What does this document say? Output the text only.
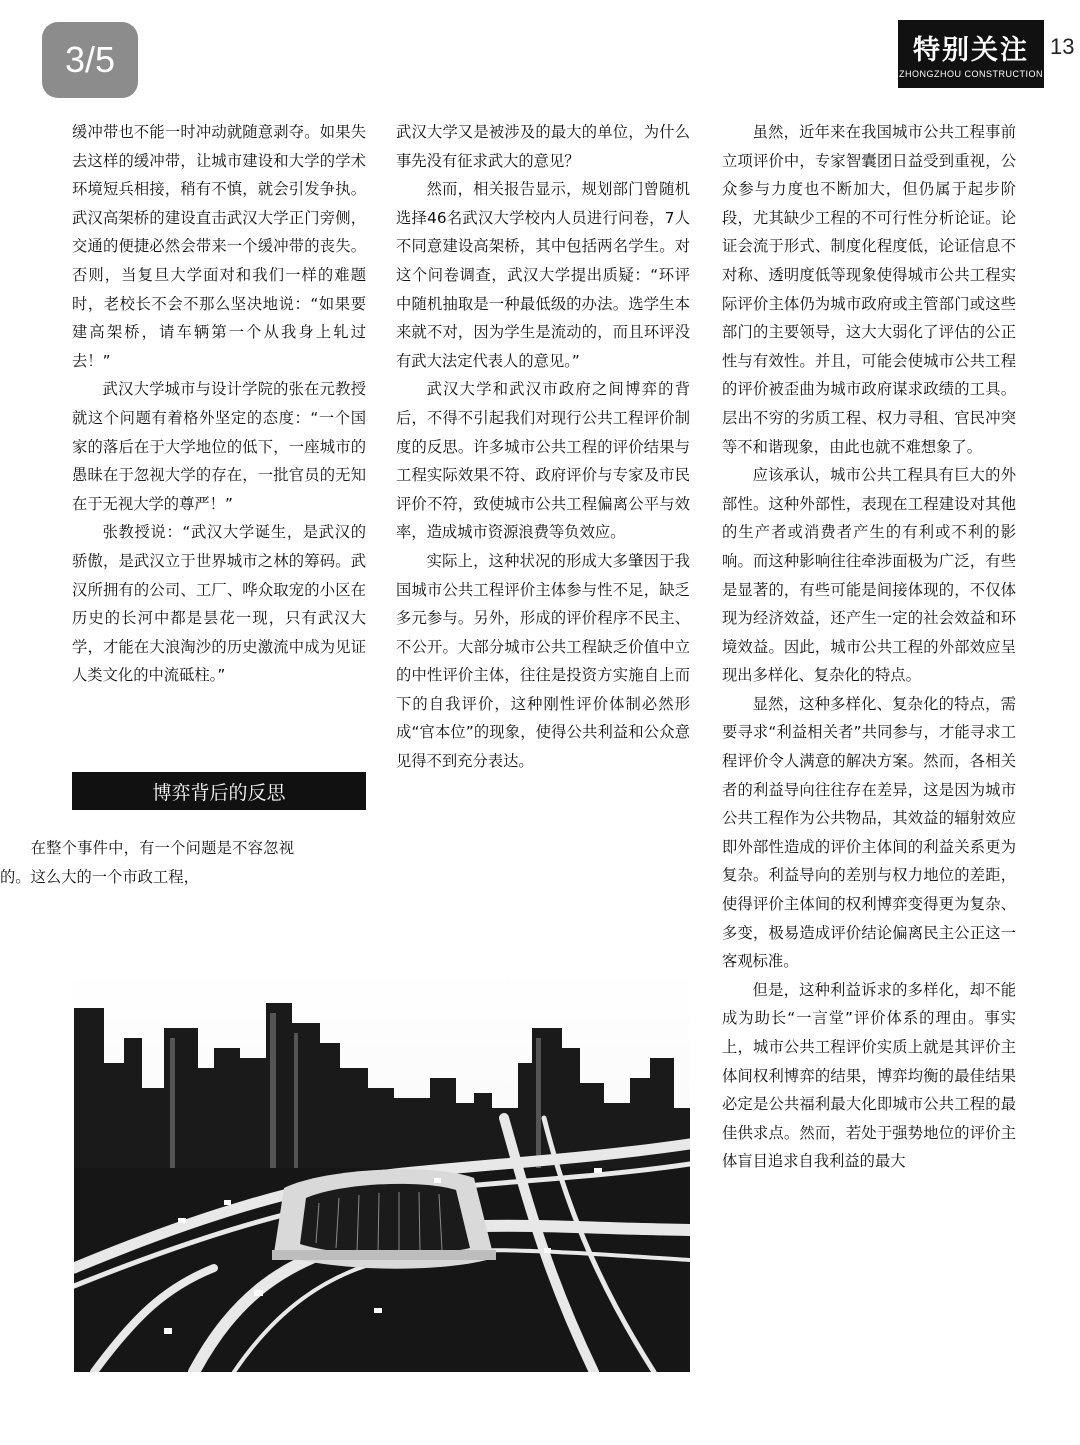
3/5	特别关注
ZHONGZHOU CONSTRUCTION
13

缓冲带也不能一时冲动就随意剥夺。如果失去这样的缓冲带，让城市建设和大学的学术环境短兵相接，稍有不慎，就会引发争执。武汉高架桥的建设直击武汉大学正门旁侧，交通的便捷必然会带来一个缓冲带的丧失。否则，当复旦大学面对和我们一样的难题时，老校长不会不那么坚决地说：“如果要建高架桥，请车辆第一个从我身上轧过去！”

武汉大学城市与设计学院的张在元教授就这个问题有着格外坚定的态度：“一个国家的落后在于大学地位的低下，一座城市的愚昧在于忽视大学的存在，一批官员的无知在于无视大学的尊严！”

张教授说：“武汉大学诞生，是武汉的骄傲，是武汉立于世界城市之林的筹码。武汉所拥有的公司、工厂、哗众取宠的小区在历史的长河中都是昙花一现，只有武汉大学，才能在大浪淘沙的历史激流中成为见证人类文化的中流砥柱。”

博弈背后的反思

在整个事件中，有一个问题是不容忽视的。这么大的一个市政工程，

武汉大学又是被涉及的最大的单位，为什么事先没有征求武大的意见？

然而，相关报告显示，规划部门曾随机选择46名武汉大学校内人员进行问卷，7人不同意建设高架桥，其中包括两名学生。对这个问卷调查，武汉大学提出质疑：“环评中随机抽取是一种最低级的办法。选学生本来就不对，因为学生是流动的，而且环评没有武大法定代表人的意见。”

武汉大学和武汉市政府之间博弈的背后，不得不引起我们对现行公共工程评价制度的反思。许多城市公共工程的评价结果与工程实际效果不符、政府评价与专家及市民评价不符，致使城市公共工程偏离公平与效率，造成城市资源浪费等负效应。

实际上，这种状况的形成大多肇因于我国城市公共工程评价主体参与性不足，缺乏多元参与。另外，形成的评价程序不民主、不公开。大部分城市公共工程缺乏价值中立的中性评价主体，往往是投资方实施自上而下的自我评价，这种刚性评价体制必然形成“官本位”的现象，使得公共利益和公众意见得不到充分表达。

虽然，近年来在我国城市公共工程事前立项评价中，专家智囊团日益受到重视，公众参与力度也不断加大，但仍属于起步阶段，尤其缺少工程的不可行性分析论证。论证会流于形式、制度化程度低，论证信息不对称、透明度低等现象使得城市公共工程实际评价主体仍为城市政府或主管部门或这些部门的主要领导，这大大弱化了评估的公正性与有效性。并且，可能会使城市公共工程的评价被歪曲为城市政府谋求政绩的工具。层出不穷的劣质工程、权力寻租、官民冲突等不和谐现象，由此也就不难想象了。

应该承认，城市公共工程具有巨大的外部性。这种外部性，表现在工程建设对其他的生产者或消费者产生的有利或不利的影响。而这种影响往往牵涉面极为广泛，有些是显著的，有些可能是间接体现的，不仅体现为经济效益，还产生一定的社会效益和环境效益。因此，城市公共工程的外部效应呈现出多样化、复杂化的特点。

显然，这种多样化、复杂化的特点，需要寻求“利益相关者”共同参与，才能寻求工程评价令人满意的解决方案。然而，各相关者的利益导向往往存在差异，这是因为城市公共工程作为公共物品，其效益的辐射效应即外部性造成的评价主体间的利益关系更为复杂。利益导向的差别与权力地位的差距，使得评价主体间的权利博弈变得更为复杂、多变，极易造成评价结论偏离民主公正这一客观标准。

但是，这种利益诉求的多样化，却不能成为助长“一言堂”评价体系的理由。事实上，城市公共工程评价实质上就是其评价主体间权利博弈的结果，博弈均衡的最佳结果必定是公共福利最大化即城市公共工程的最佳供求点。然而，若处于强势地位的评价主体盲目追求自我利益的最大
